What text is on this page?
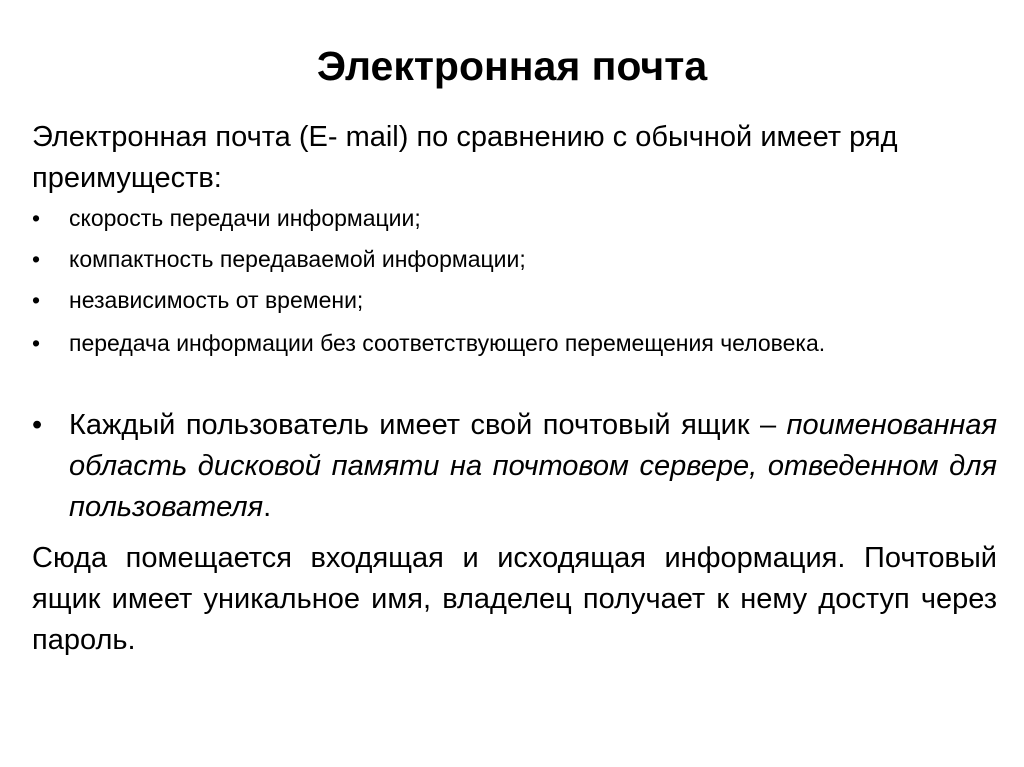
Электронная почта

Электронная почта (E- mail) по сравнению с обычной имеет ряд преимуществ:

• скорость передачи информации;
• компактность передаваемой информации;
• независимость от времени;
• передача информации без соответствующего перемещения человека.

• Каждый пользователь имеет свой почтовый ящик – поименованная область дисковой памяти на почтовом сервере, отведенном для пользователя.

Сюда помещается входящая и исходящая информация. Почтовый ящик имеет уникальное имя, владелец получает к нему доступ через пароль.
